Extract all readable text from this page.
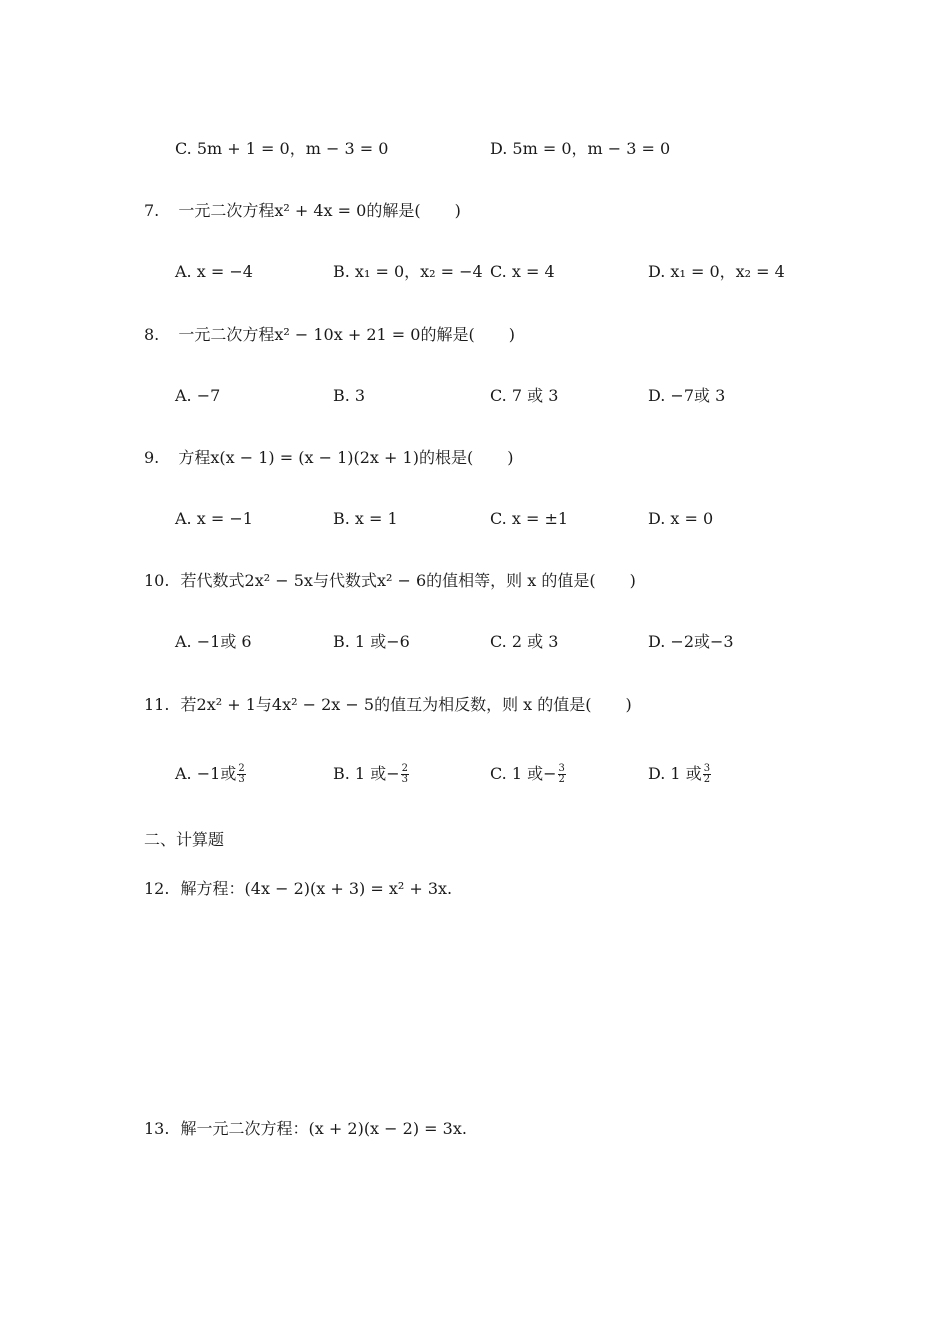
C. 5m + 1 = 0，m − 3 = 0	D. 5m = 0，m − 3 = 0
7. 一元二次方程x² + 4x = 0的解是( )
A. x = −4	B. x₁ = 0，x₂ = −4 C. x = 4	D. x₁ = 0，x₂ = 4
8. 一元二次方程x² − 10x + 21 = 0的解是( )
A. −7	B. 3	C. 7 或 3	D. −7或 3
9. 方程x(x − 1) = (x − 1)(2x + 1)的根是( )
A. x = −1	B. x = 1	C. x = ±1	D. x = 0
10. 若代数式2x² − 5x与代数式x² − 6的值相等，则 x 的值是( )
A. −1或 6	B. 1 或−6	C. 2 或 3	D. −2或−3
11. 若2x² + 1与4x² − 2x − 5的值互为相反数，则 x 的值是( )
A. −1或 $\frac{2}{3}$	B. 1 或− $\frac{2}{3}$	C. 1 或− $\frac{3}{2}$	D. 1 或 $\frac{3}{2}$
二、计算题
12. 解方程：(4x − 2)(x + 3) = x² + 3x.
13. 解一元二次方程：(x + 2)(x − 2) = 3x.
